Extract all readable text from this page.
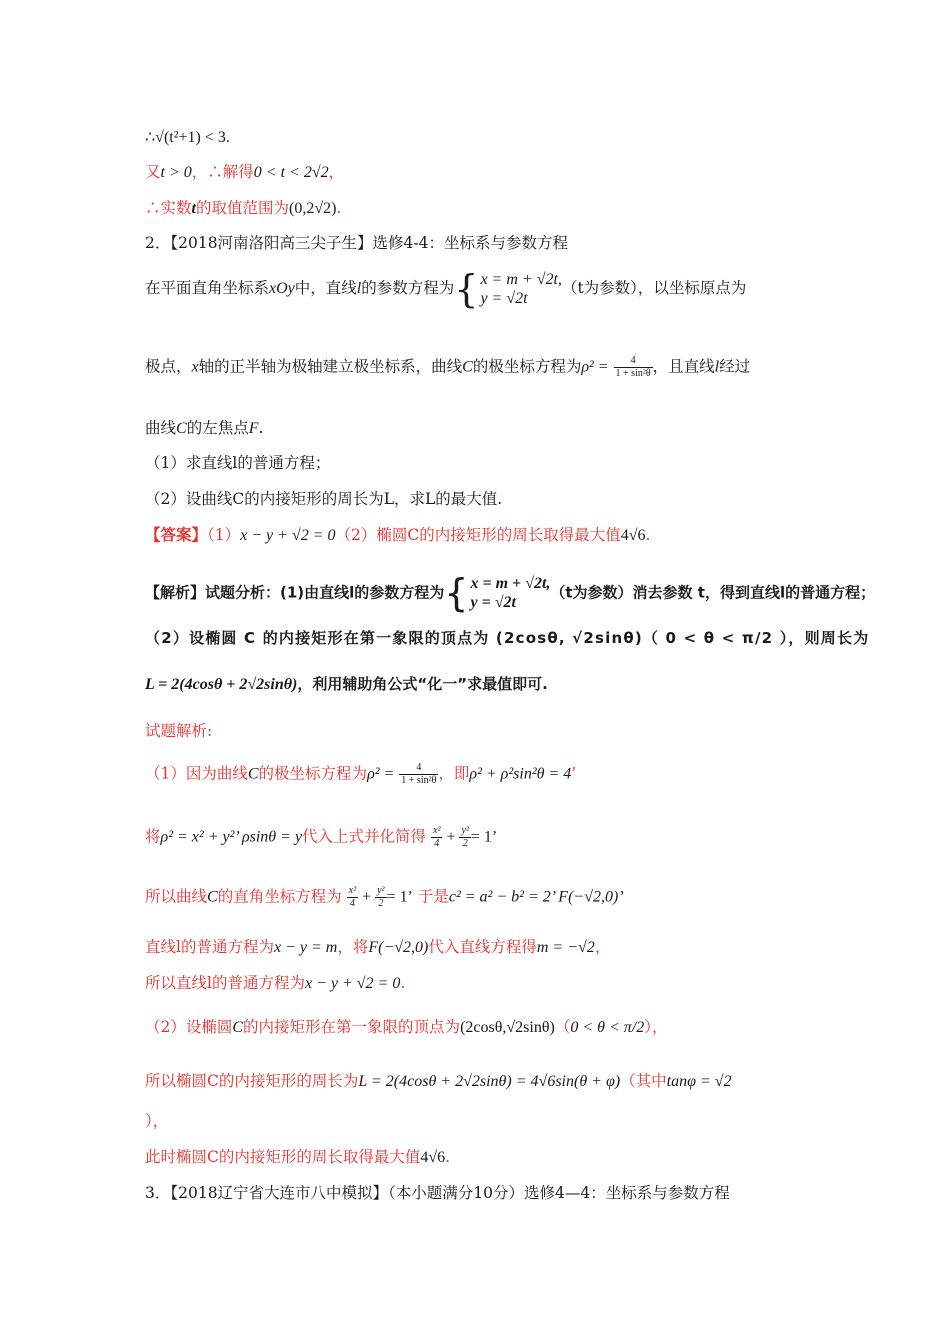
∴√(t²+1) < 3.
又t > 0，∴解得0 < t < 2√2，
∴实数t的取值范围为(0,2√2).
2．【2018河南洛阳高三尖子生】选修4-4：坐标系与参数方程
在平面直角坐标系xOy中，直线l的参数方程为{ x = m + √2t,
y = √2t
（t为参数），以坐标原点为
极点，x轴的正半轴为极轴建立极坐标系，曲线C的极坐标方程为$\rho^2 = \frac{4}{\text{1 + sin²θ}}$ ，且直线l经过
曲线C的左焦点F.
（1）求直线l的普通方程；
（2）设曲线C的内接矩形的周长为L，求L的最大值.
【答案】（1）x − y + √2 = 0（2）椭圆C的内接矩形的周长取得最大值4√6.
【解析】试题分析：(1)由直线l的参数方程为{ x = m + √2t,
y = √2t
（t为参数）消去参数 t，得到直线l的普通方程；
（2）设椭圆 C 的内接矩形在第一象限的顶点为 (2cosθ, √2sinθ)（ 0 < θ < π/2 ），则周长为
L = 2(4cosθ + 2√2sinθ)，利用辅助角公式“化一”求最值即可.
试题解析:
（1）因为曲线C的极坐标方程为$\rho^2 = \frac{4}{\text{1 + sin²θ}}$ ，即ρ² + ρ²sin²θ = 4’
将ρ² = x² + y²’ ρsinθ = y代入上式并化简得 $\frac{\text{x²}}{4} + \frac{\text{y²}}{2} = 1$’
所以曲线C的直角坐标方程为 $\frac{\text{x²}}{4} + \frac{\text{y²}}{2} = 1$’ 于是c² = a² − b² = 2’ F(−√2,0)’
直线l的普通方程为x − y = m，将F(−√2,0)代入直线方程得m = −√2，
所以直线l的普通方程为x − y + √2 = 0.
（2）设椭圆C的内接矩形在第一象限的顶点为(2cosθ,√2sinθ)（0 < θ < π/2），
所以椭圆C的内接矩形的周长为L = 2(4cosθ + 2√2sinθ) = 4√6sin(θ + φ)（其中tanφ = √2
），
此时椭圆C的内接矩形的周长取得最大值4√6.
3．【2018辽宁省大连市八中模拟】（本小题满分10分）选修4—4：坐标系与参数方程
